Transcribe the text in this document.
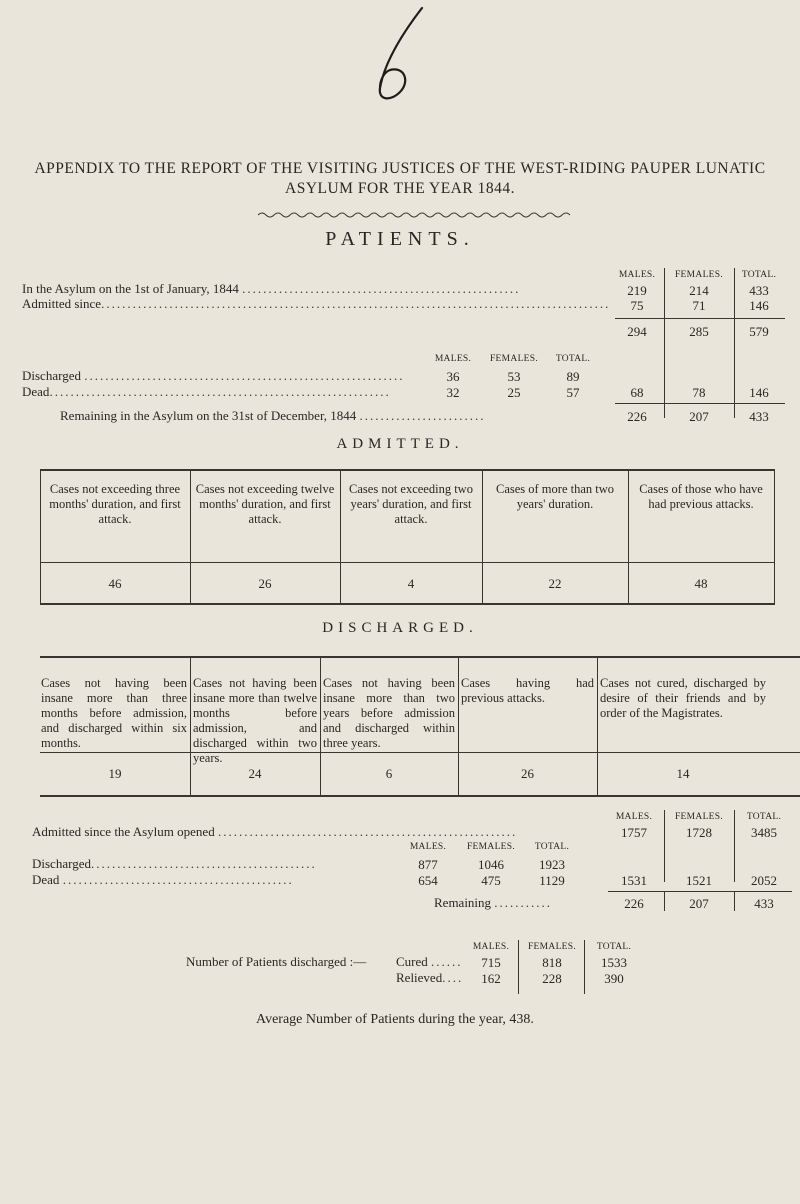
APPENDIX TO THE REPORT OF THE VISITING JUSTICES OF THE WEST-RIDING PAUPER LUNATIC
ASYLUM FOR THE YEAR 1844.
PATIENTS.
MALES.	FEMALES.	TOTAL.
In the Asylum on the 1st of January, 1844 .....................................................	219	214	433
Admitted since.................................................................................................	75	71	146
294	285	579
MALES.	FEMALES.	TOTAL.
Discharged .............................................................	36	53	89
Dead.................................................................	32	25	57	68	78	146
Remaining in the Asylum on the 31st of December, 1844 ........................	226	207	433
ADMITTED.
Cases not exceeding three months' duration, and first attack.
Cases not exceeding twelve months' duration, and first attack.
Cases not exceeding two years' duration, and first attack.
Cases of more than two years' duration.
Cases of those who have had previous attacks.
46	26	4	22	48
DISCHARGED.
Cases not having been insane more than three months before admission, and discharged within six months.
Cases not having been insane more than twelve months before admission, and discharged within two years.
Cases not having been insane more than two years before admission and discharged within three years.
Cases having had previous attacks.
Cases not cured, discharged by desire of their friends and by order of the Magistrates.
19	24	6	26	14
MALES.	FEMALES.	TOTAL.
Admitted since the Asylum opened .........................................................	1757	1728	3485
MALES.	FEMALES.	TOTAL.
Discharged...........................................	877	1046	1923
Dead ............................................	654	475	1129	1531	1521	2052
Remaining ...........	226	207	433
MALES.	FEMALES.	TOTAL.
Number of Patients discharged :—	Cured ......	715	818	1533
Relieved....	162	228	390
Average Number of Patients during the year, 438.
